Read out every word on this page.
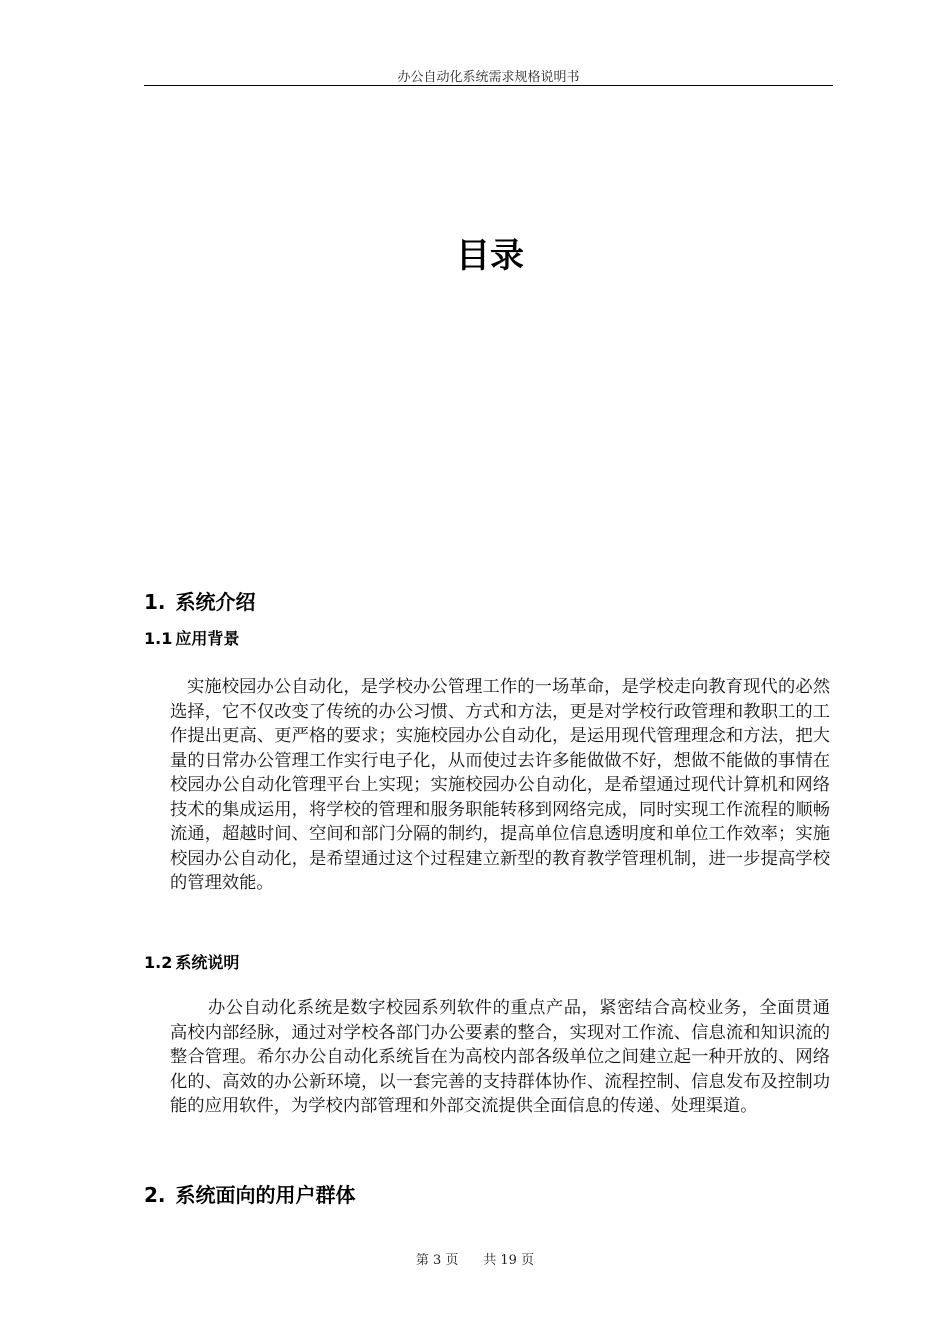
办公自动化系统需求规格说明书
目录
1. 系统介绍
1.1 应用背景

实施校园办公自动化，是学校办公管理工作的一场革命，是学校走向教育现代的必然选择，它不仅改变了传统的办公习惯、方式和方法，更是对学校行政管理和教职工的工作提出更高、更严格的要求；实施校园办公自动化，是运用现代管理理念和方法，把大量的日常办公管理工作实行电子化，从而使过去许多能做做不好，想做不能做的事情在校园办公自动化管理平台上实现；实施校园办公自动化，是希望通过现代计算机和网络技术的集成运用，将学校的管理和服务职能转移到网络完成，同时实现工作流程的顺畅流通，超越时间、空间和部门分隔的制约，提高单位信息透明度和单位工作效率；实施校园办公自动化，是希望通过这个过程建立新型的教育教学管理机制，进一步提高学校的管理效能。

1.2 系统说明

办公自动化系统是数字校园系列软件的重点产品，紧密结合高校业务，全面贯通高校内部经脉，通过对学校各部门办公要素的整合，实现对工作流、信息流和知识流的整合管理。希尔办公自动化系统旨在为高校内部各级单位之间建立起一种开放的、网络化的、高效的办公新环境，以一套完善的支持群体协作、流程控制、信息发布及控制功能的应用软件，为学校内部管理和外部交流提供全面信息的传递、处理渠道。

2. 系统面向的用户群体
第 3 页 共 19 页
